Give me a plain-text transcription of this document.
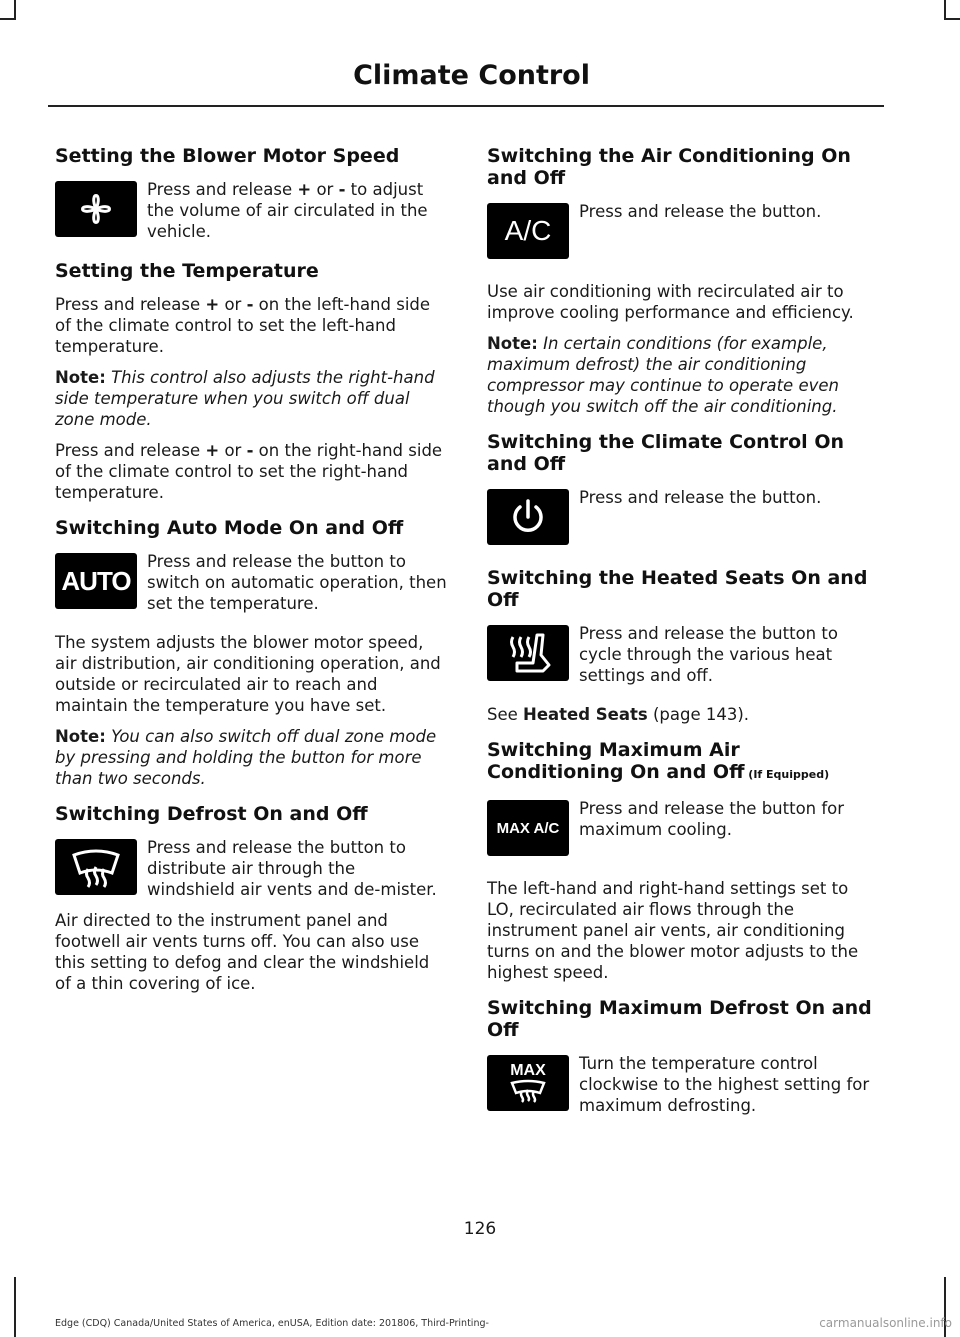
Climate Control
Setting the Blower Motor Speed

Press and release + or - to adjust the volume of air circulated in the vehicle.

Setting the Temperature

Press and release + or - on the left-hand side of the climate control to set the left-hand temperature.

Note: This control also adjusts the right-hand side temperature when you switch off dual zone mode.

Press and release + or - on the right-hand side of the climate control to set the right-hand temperature.

Switching Auto Mode On and Off
AUTO

Press and release the button to switch on automatic operation, then set the temperature.

The system adjusts the blower motor speed, air distribution, air conditioning operation, and outside or recirculated air to reach and maintain the temperature you have set.

Note: You can also switch off dual zone mode by pressing and holding the button for more than two seconds.

Switching Defrost On and Off

Press and release the button to distribute air through the windshield air vents and de-mister.

Air directed to the instrument panel and footwell air vents turns off. You can also use this setting to defog and clear the windshield of a thin covering of ice.

Switching the Air Conditioning On and Off
A/C

Press and release the button.

Use air conditioning with recirculated air to improve cooling performance and efficiency.

Note: In certain conditions (for example, maximum defrost) the air conditioning compressor may continue to operate even though you switch off the air conditioning.

Switching the Climate Control On and Off

Press and release the button.

Switching the Heated Seats On and Off

Press and release the button to cycle through the various heat settings and off.

See Heated Seats (page 143).

Switching Maximum Air Conditioning On and Off (If Equipped)
MAX A/C

Press and release the button for maximum cooling.

The left-hand and right-hand settings set to LO, recirculated air flows through the instrument panel air vents, air conditioning turns on and the blower motor adjusts to the highest speed.

Switching Maximum Defrost On and Off
MAX	Turn the temperature control clockwise to the highest setting for maximum defrosting.

126
Edge (CDQ) Canada/United States of America, enUSA, Edition date: 201806, Third-Printing-	carmanualsonline.info
